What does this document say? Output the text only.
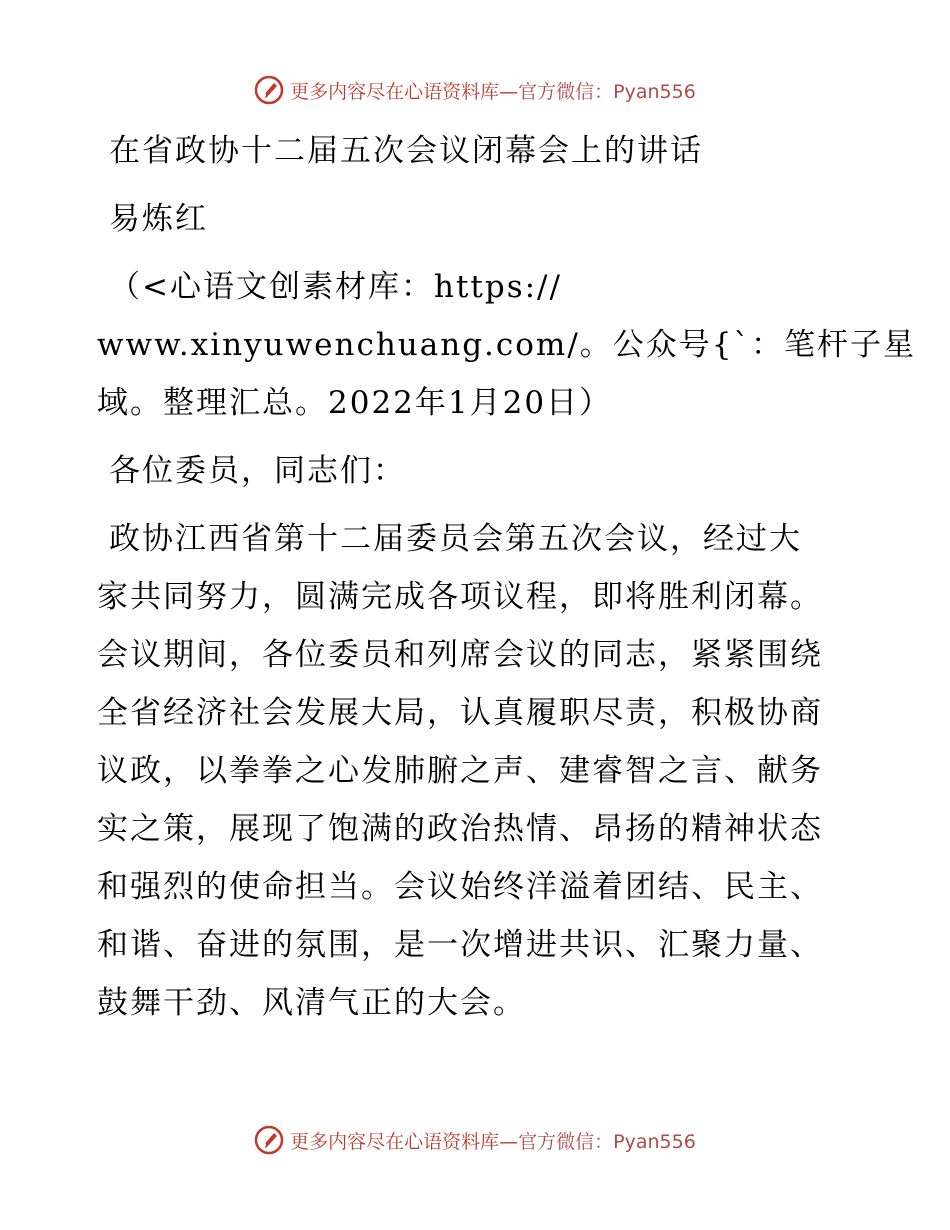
更多内容尽在心语资料库— 官方微信：Pyan556

在省政协十二届五次会议闭幕会上的讲话

易炼红

（<心语文创素材库：https://
www.xinyuwenchuang.com/。公众号{`：笔杆子星
域。整理汇总。2022年1月20日）

各位委员，同志们：

政协江西省第十二届委员会第五次会议，经过大
家共同努力，圆满完成各项议程，即将胜利闭幕。
会议期间，各位委员和列席会议的同志，紧紧围绕
全省经济社会发展大局，认真履职尽责，积极协商
议政，以拳拳之心发肺腑之声、建睿智之言、献务
实之策，展现了饱满的政治热情、昂扬的精神状态
和强烈的使命担当。会议始终洋溢着团结、民主、
和谐、奋进的氛围，是一次增进共识、汇聚力量、
鼓舞干劲、风清气正的大会。
更多内容尽在心语资料库— 官方微信：Pyan556
